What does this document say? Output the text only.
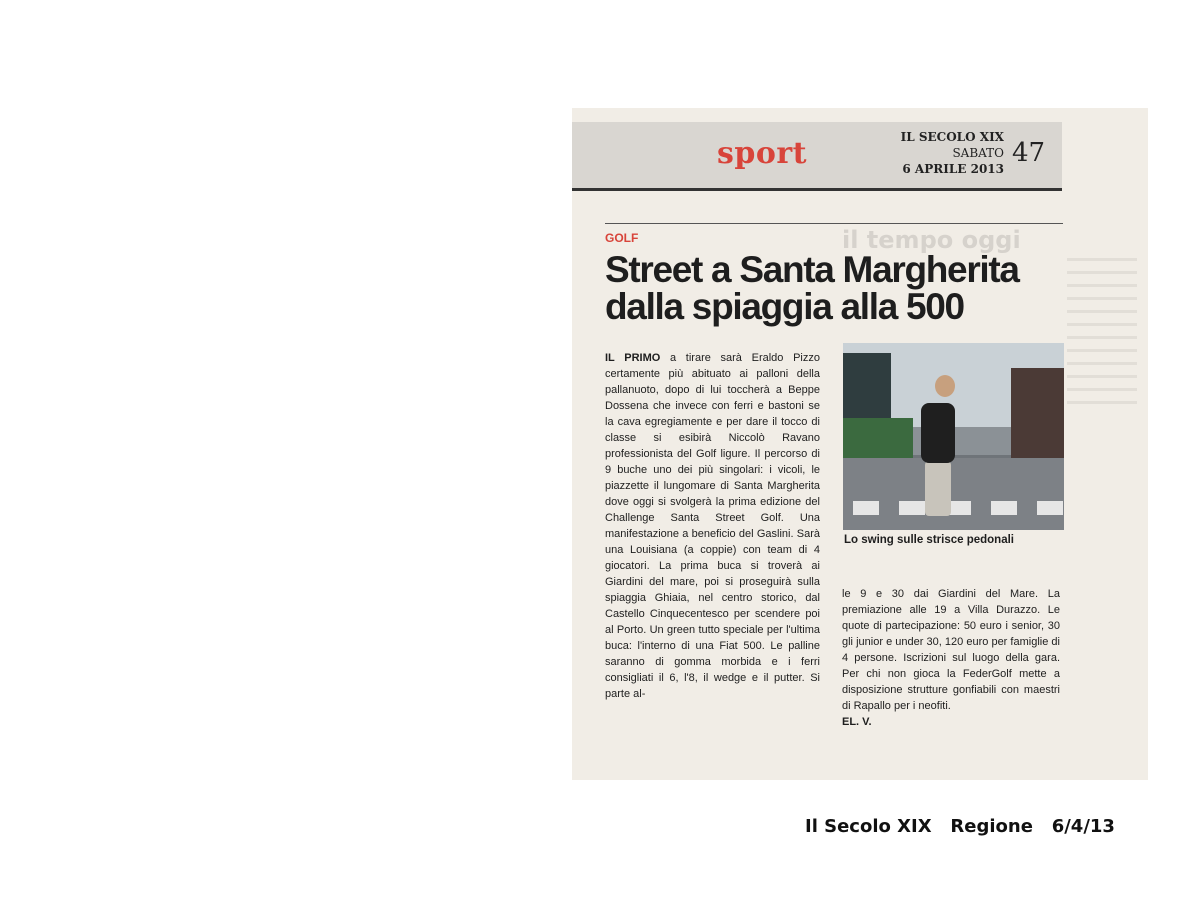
sport	IL SECOLO XIX
SABATO
6 APRILE 2013
47
il tempo oggi
GOLF
Street a Santa Margherita dalla spiaggia alla 500
IL PRIMO a tirare sarà Eraldo Pizzo certamente più abituato ai palloni della pallanuoto, dopo di lui toccherà a Beppe Dossena che invece con ferri e bastoni se la cava egregiamente e per dare il tocco di classe si esibirà Niccolò Ravano professionista del Golf ligure. Il percorso di 9 buche uno dei più singolari: i vicoli, le piazzette il lungomare di Santa Margherita dove oggi si svolgerà la prima edizione del Challenge Santa Street Golf. Una manifestazione a beneficio del Gaslini. Sarà una Louisiana (a coppie) con team di 4 giocatori. La prima buca si troverà ai Giardini del mare, poi si proseguirà sulla spiaggia Ghiaia, nel centro storico, dal Castello Cinquecentesco per scendere poi al Porto. Un green tutto speciale per l'ultima buca: l'interno di una Fiat 500. Le palline saranno di gomma morbida e i ferri consigliati il 6, l'8, il wedge e il putter. Si parte al-
Lo swing sulle strisce pedonali
le 9 e 30 dai Giardini del Mare. La premiazione alle 19 a Villa Durazzo. Le quote di partecipazione: 50 euro i senior, 30 gli junior e under 30, 120 euro per famiglie di 4 persone. Iscrizioni sul luogo della gara. Per chi non gioca la FederGolf mette a disposizione strutture gonfiabili con maestri di Rapallo per i neofiti.
EL. V.
Il Secolo XIX   Regione   6/4/13
